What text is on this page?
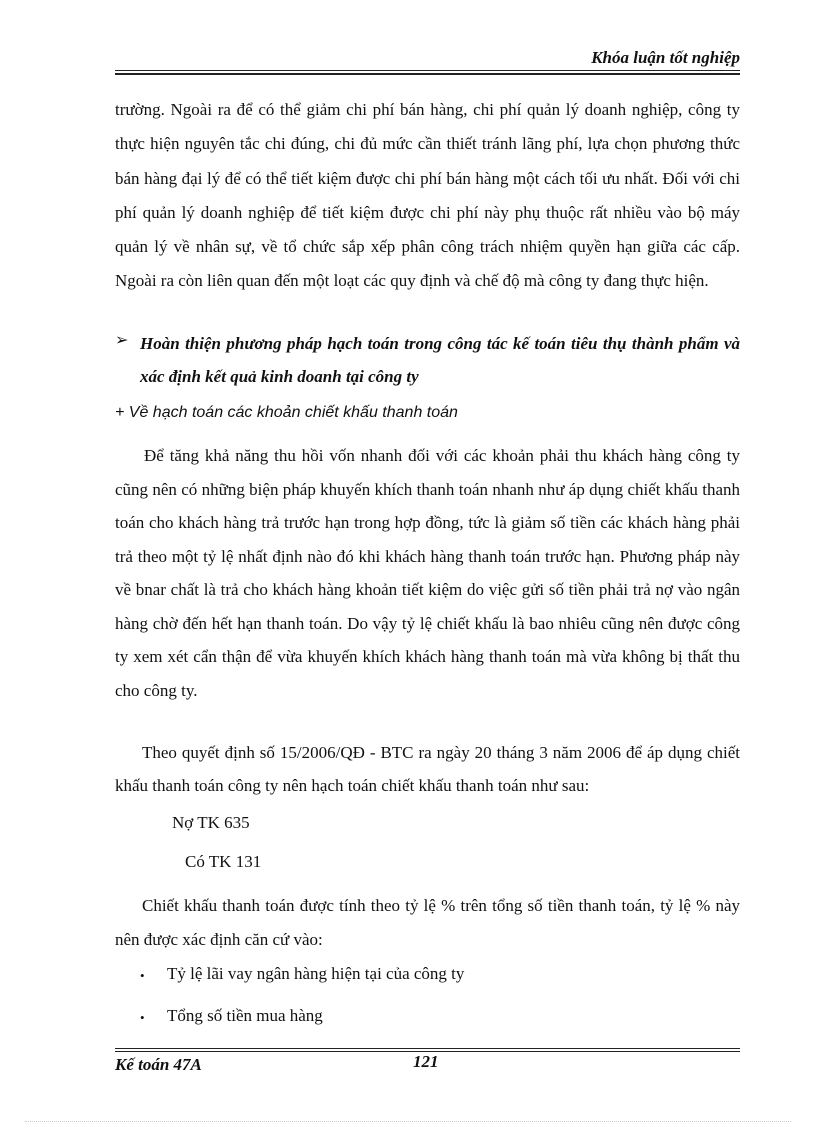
Khóa luận tốt nghiệp

trường. Ngoài ra để có thể giảm chi phí bán hàng, chi phí quản lý doanh nghiệp, công ty thực hiện nguyên tắc chi đúng, chi đủ mức cần thiết tránh lãng phí, lựa chọn phương thức bán hàng đại lý để có thể tiết kiệm được chi phí bán hàng một cách tối ưu nhất. Đối với chi phí quản lý doanh nghiệp để tiết kiệm được chi phí này phụ thuộc rất nhiều vào bộ máy quản lý về nhân sự, về tổ chức sắp xếp phân công trách nhiệm quyền hạn giữa các cấp. Ngoài ra còn liên quan đến một loạt các quy định và chế độ mà công ty đang thực hiện.

➢ Hoàn thiện phương pháp hạch toán trong công tác kế toán tiêu thụ thành phẩm và xác định kết quả kinh doanh tại công ty

+ Về hạch toán các khoản chiết khấu thanh toán

Để tăng khả năng thu hồi vốn nhanh đối với các khoản phải thu khách hàng công ty cũng nên có những biện pháp khuyến khích thanh toán nhanh như áp dụng chiết khấu thanh toán cho khách hàng trả trước hạn trong hợp đồng, tức là giảm số tiền các khách hàng phải trả theo một tỷ lệ nhất định nào đó khi khách hàng thanh toán trước hạn. Phương pháp này về bnar chất là trả cho khách hàng khoản tiết kiệm do việc gửi số tiền phải trả nợ vào ngân hàng chờ đến hết hạn thanh toán. Do vậy tỷ lệ chiết khấu là bao nhiêu cũng nên được công ty xem xét cẩn thận để vừa khuyến khích khách hàng thanh toán mà vừa không bị thất thu cho công ty.

Theo quyết định số 15/2006/QĐ - BTC ra ngày 20 tháng 3 năm 2006 để áp dụng chiết khấu thanh toán công ty nên hạch toán chiết khấu thanh toán như sau:

Nợ TK 635
Có TK 131

Chiết khấu thanh toán được tính theo tỷ lệ % trên tổng số tiền thanh toán, tỷ lệ % này nên được xác định căn cứ vào:

• Tỷ lệ lãi vay ngân hàng hiện tại của công ty
• Tổng số tiền mua hàng
Kế toán 47A	121
